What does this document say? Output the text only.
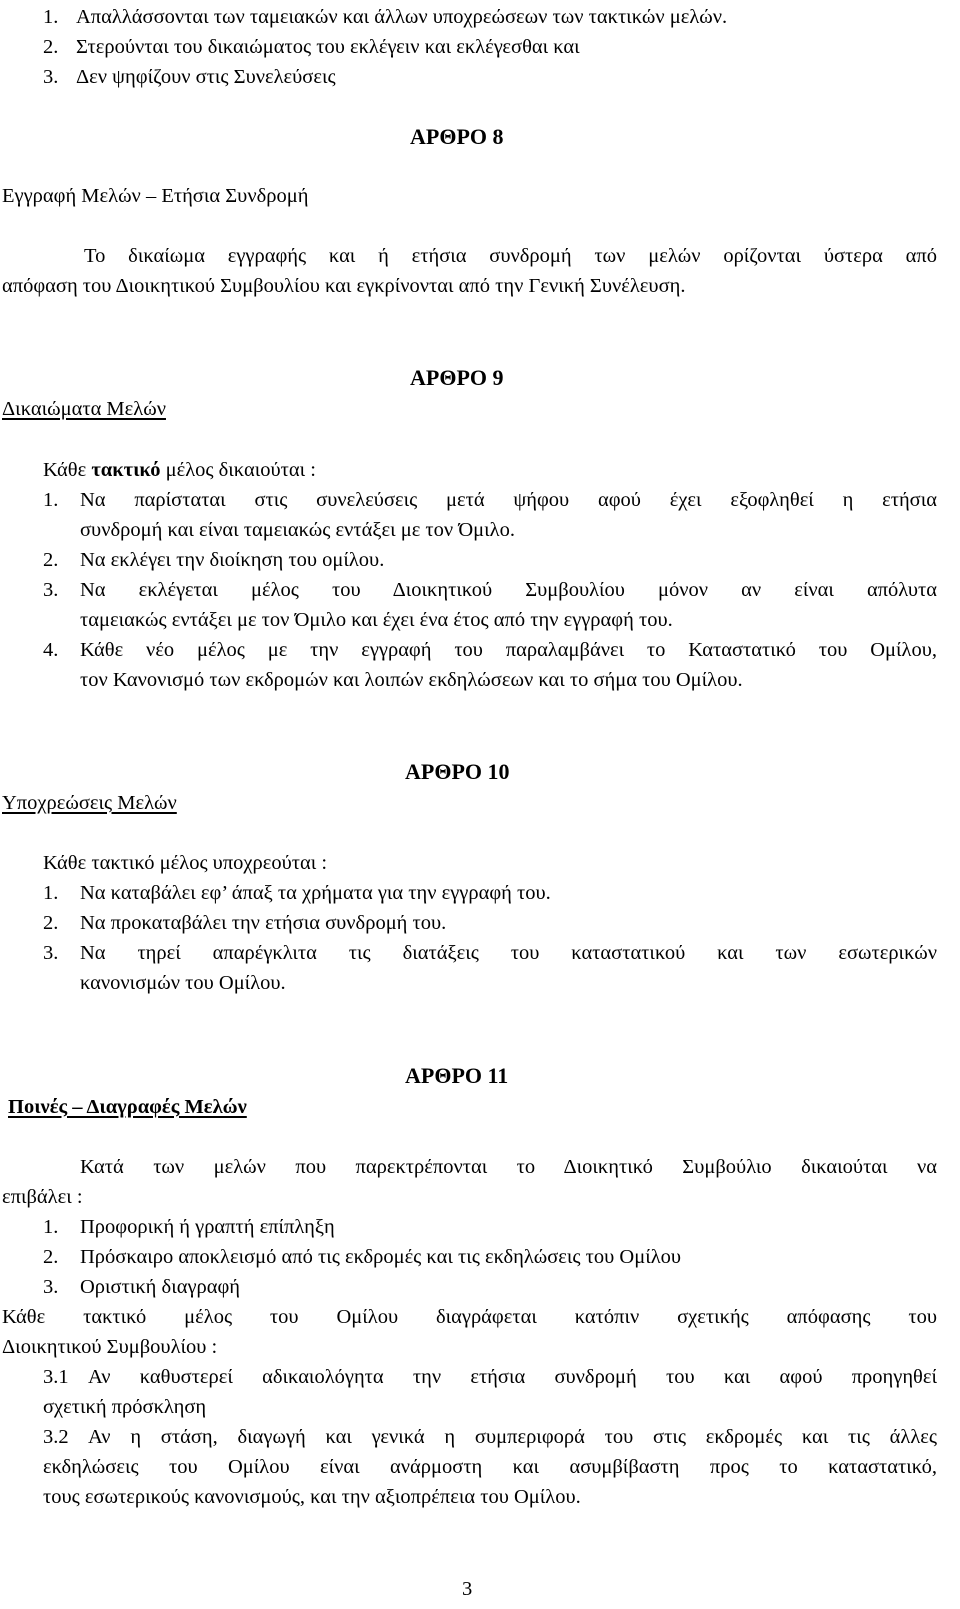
1. Απαλλάσσονται των ταμειακών και άλλων υποχρεώσεων των τακτικών μελών.
2. Στερούνται του δικαιώματος του εκλέγειν και εκλέγεσθαι και
3. Δεν ψηφίζουν στις Συνελεύσεις
ΑΡΘΡΟ 8
Εγγραφή Μελών – Ετήσια Συνδρομή
Το δικαίωμα εγγραφής και ή ετήσια συνδρομή των μελών ορίζονται ύστερα από
απόφαση του Διοικητικού Συμβουλίου και εγκρίνονται από την Γενική Συνέλευση.
ΑΡΘΡΟ 9
Δικαιώματα Μελών
Κάθε τακτικό μέλος δικαιούται :
1. Να παρίσταται στις συνελεύσεις μετά ψήφου αφού έχει εξοφληθεί η ετήσια
συνδρομή και είναι ταμειακώς εντάξει με τον Όμιλο.
2. Να εκλέγει την διοίκηση του ομίλου.
3. Να εκλέγεται μέλος του Διοικητικού Συμβουλίου μόνον αν είναι απόλυτα
ταμειακώς εντάξει με τον Όμιλο και έχει ένα έτος από την εγγραφή του.
4. Κάθε νέο μέλος με την εγγραφή του παραλαμβάνει το Καταστατικό του Ομίλου,
τον Κανονισμό των εκδρομών και λοιπών εκδηλώσεων και το σήμα του Ομίλου.
ΑΡΘΡΟ 10
Υποχρεώσεις Μελών
Κάθε τακτικό μέλος υποχρεούται :
1. Να καταβάλει εφ’ άπαξ τα χρήματα για την εγγραφή του.
2. Να προκαταβάλει την ετήσια συνδρομή του.
3. Να τηρεί απαρέγκλιτα τις διατάξεις του καταστατικού και των εσωτερικών
κανονισμών του Ομίλου.
ΑΡΘΡΟ 11
Ποινές – Διαγραφές Μελών
Κατά των μελών που παρεκτρέπονται το Διοικητικό Συμβούλιο δικαιούται να
επιβάλει :
1. Προφορική ή γραπτή επίπληξη
2. Πρόσκαιρο αποκλεισμό από τις εκδρομές και τις εκδηλώσεις του Ομίλου
3. Οριστική διαγραφή
Κάθε τακτικό μέλος του Ομίλου διαγράφεται κατόπιν σχετικής απόφασης του
Διοικητικού Συμβουλίου :
3.1 Αν καθυστερεί αδικαιολόγητα την ετήσια συνδρομή του και αφού προηγηθεί
σχετική πρόσκληση
3.2 Αν η στάση, διαγωγή και γενικά η συμπεριφορά του στις εκδρομές και τις άλλες
εκδηλώσεις του Ομίλου είναι ανάρμοστη και ασυμβίβαστη προς το καταστατικό,
τους εσωτερικούς κανονισμούς, και την αξιοπρέπεια του Ομίλου.
3
